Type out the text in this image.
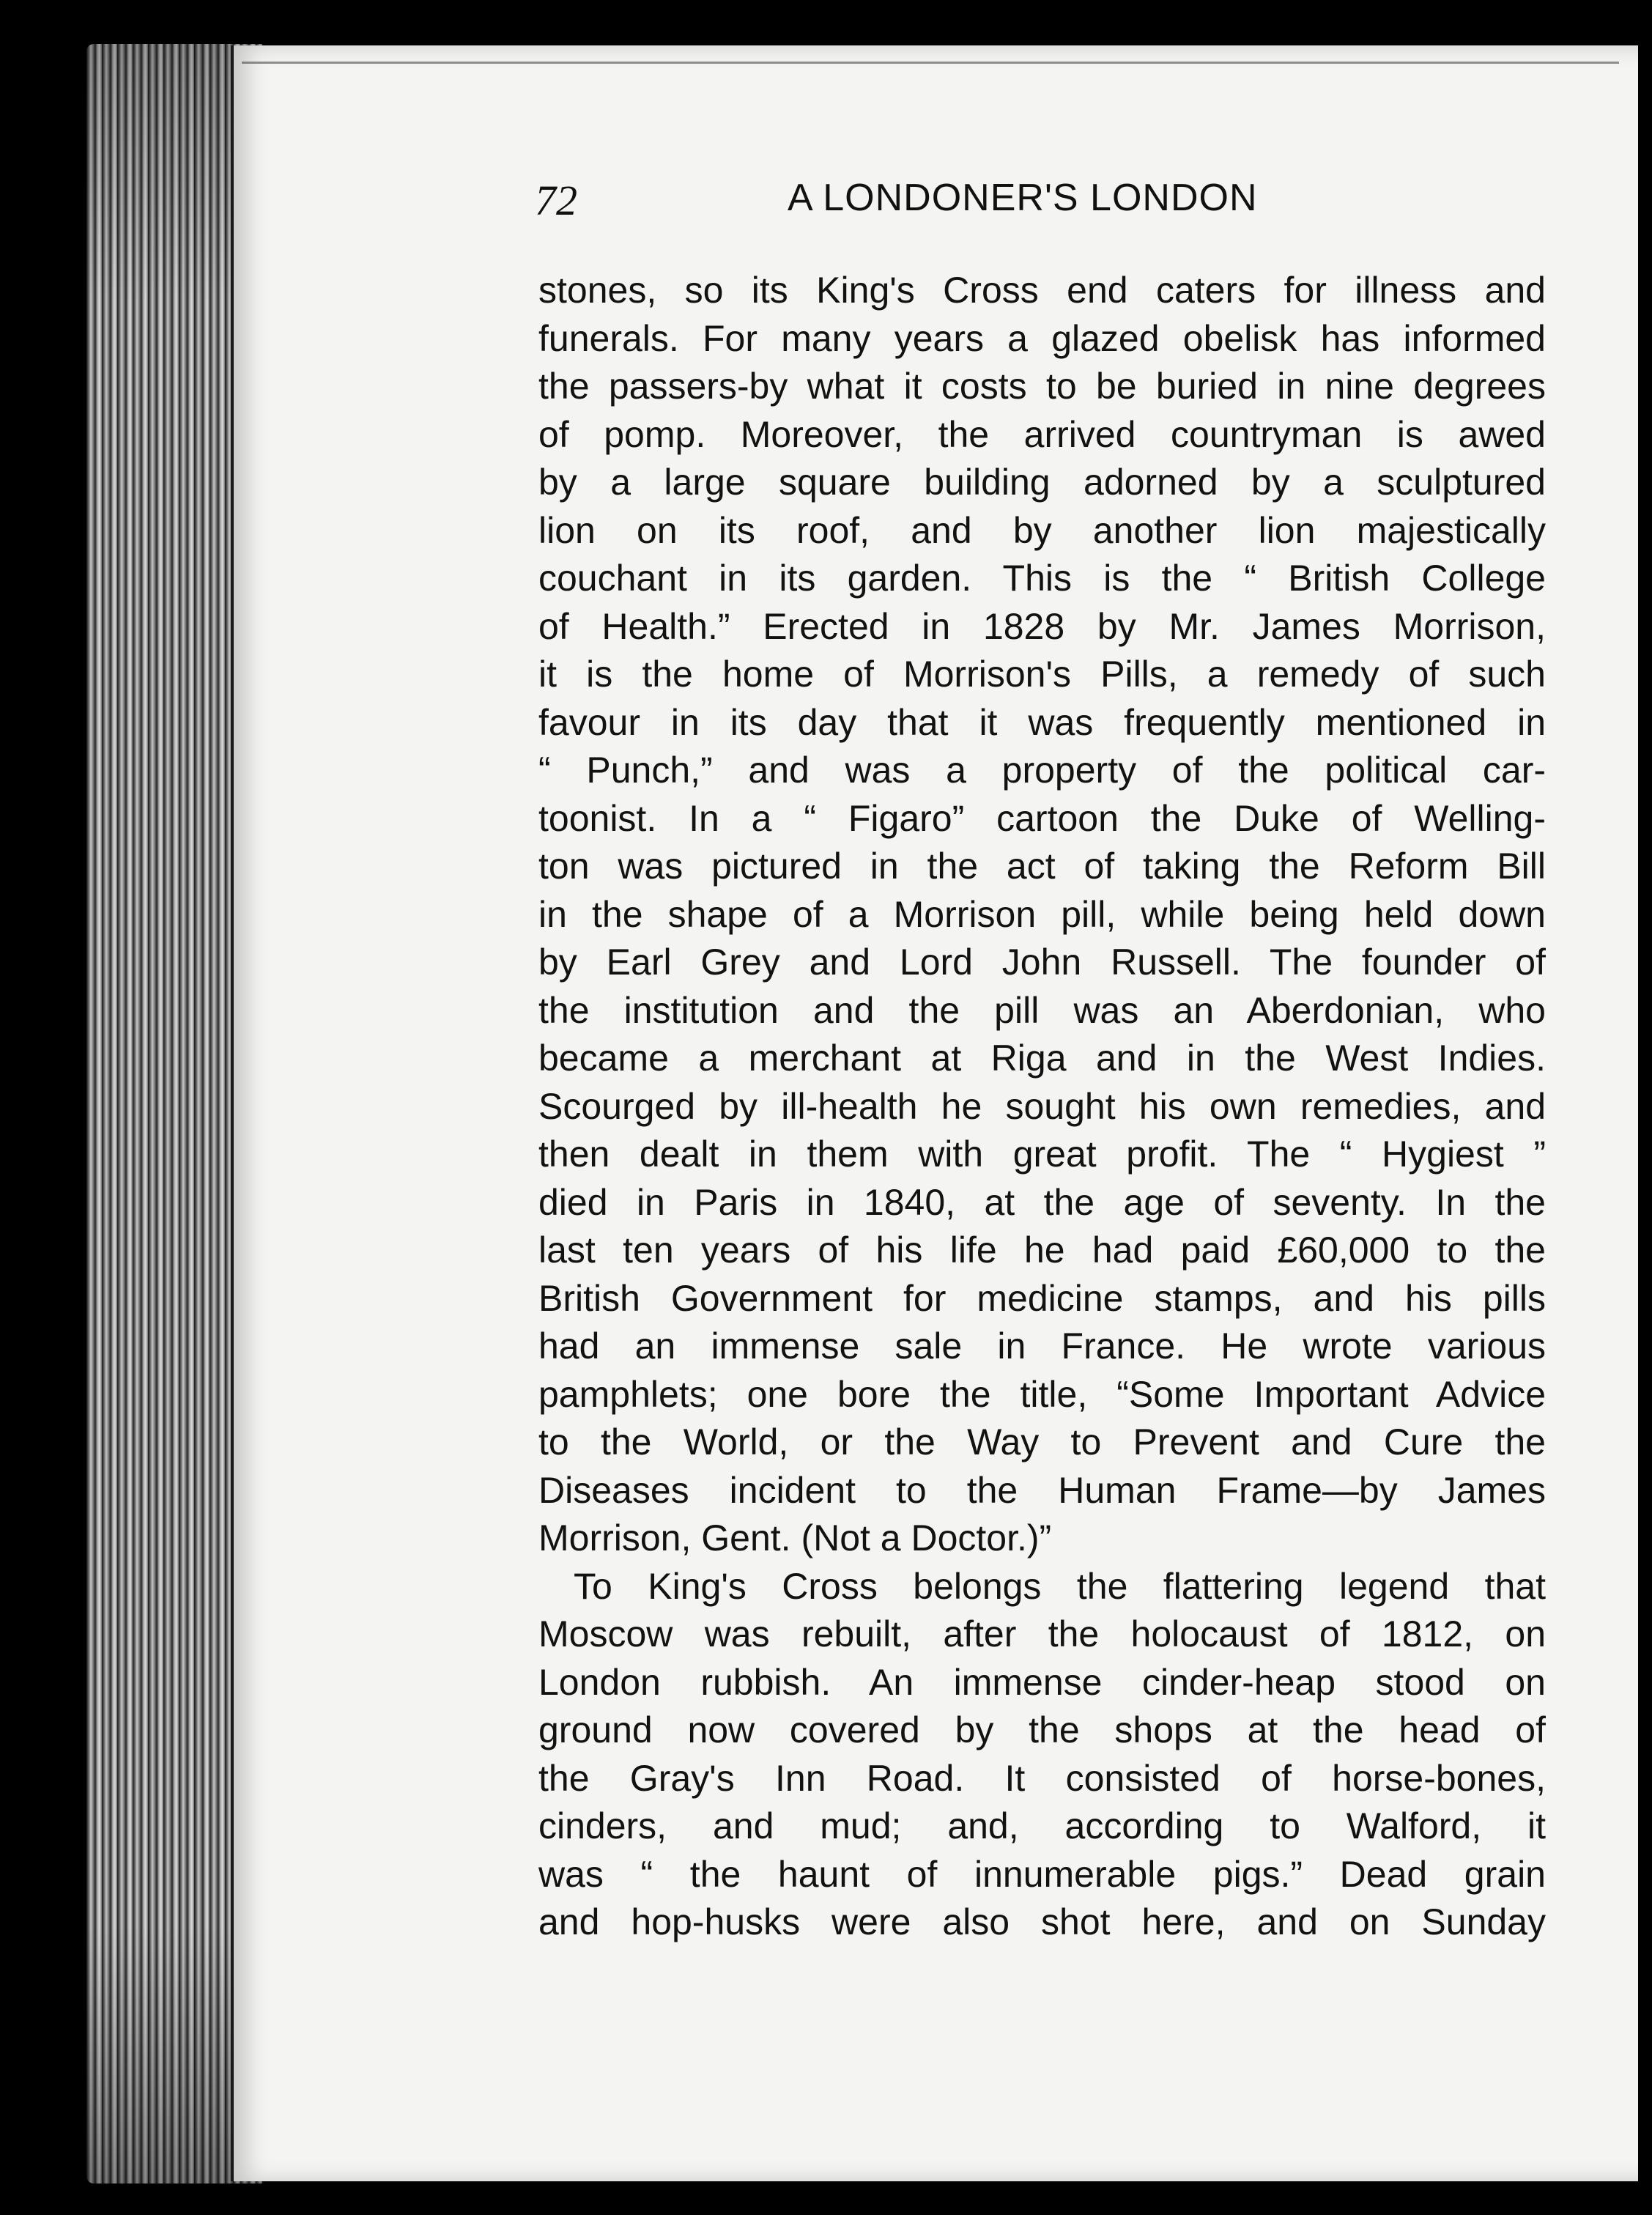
72	A LONDONER'S LONDON
stones, so its King's Cross end caters for illness and
funerals. For many years a glazed obelisk has informed
the passers-by what it costs to be buried in nine degrees
of pomp. Moreover, the arrived countryman is awed
by a large square building adorned by a sculptured
lion on its roof, and by another lion majestically
couchant in its garden. This is the “ British College
of Health.” Erected in 1828 by Mr. James Morrison,
it is the home of Morrison's Pills, a remedy of such
favour in its day that it was frequently mentioned in
“ Punch,” and was a property of the political car-
toonist. In a “ Figaro” cartoon the Duke of Welling-
ton was pictured in the act of taking the Reform Bill
in the shape of a Morrison pill, while being held down
by Earl Grey and Lord John Russell. The founder of
the institution and the pill was an Aberdonian, who
became a merchant at Riga and in the West Indies.
Scourged by ill-health he sought his own remedies, and
then dealt in them with great profit. The “ Hygiest ”
died in Paris in 1840, at the age of seventy. In the
last ten years of his life he had paid £60,000 to the
British Government for medicine stamps, and his pills
had an immense sale in France. He wrote various
pamphlets; one bore the title, “Some Important Advice
to the World, or the Way to Prevent and Cure the
Diseases incident to the Human Frame—by James
Morrison, Gent. (Not a Doctor.)”
To King's Cross belongs the flattering legend that
Moscow was rebuilt, after the holocaust of 1812, on
London rubbish. An immense cinder-heap stood on
ground now covered by the shops at the head of
the Gray's Inn Road. It consisted of horse-bones,
cinders, and mud; and, according to Walford, it
was “ the haunt of innumerable pigs.” Dead grain
and hop-husks were also shot here, and on Sunday
